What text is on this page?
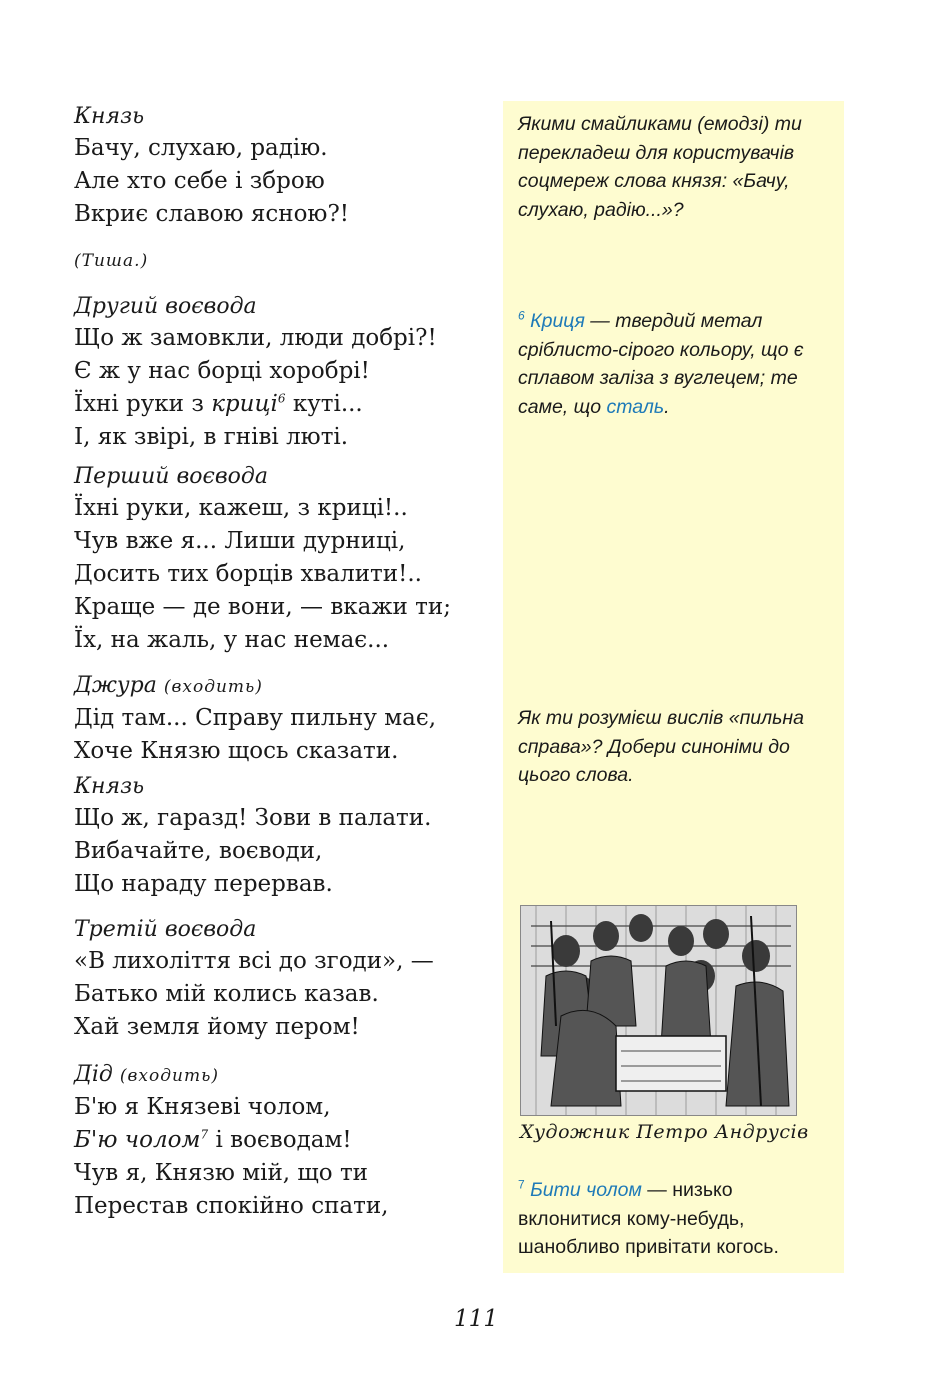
Князь
Бачу, слухаю, радію.
Але хто себе і зброю
Вкриє славою ясною?!
(Тиша.)
Другий воєвода
Що ж замовкли, люди добрі?!
Є ж у нас борці хоробрі!
Їхні руки з криці$^6$ куті...
І, як звірі, в гніві люті.
Перший воєвода
Їхні руки, кажеш, з криці!..
Чув вже я... Лиши дурниці,
Досить тих борців хвалити!..
Краще — де вони, — вкажи ти;
Їх, на жаль, у нас немає...
Джура (входить)
Дід там... Справу пильну має,
Хоче Князю щось сказати.
Князь
Що ж, гаразд! Зови в палати.
Вибачайте, воєводи,
Що нараду перервав.
Третій воєвода
«В лихоліття всі до згоди», —
Батько мій колись казав.
Хай земля йому пером!
Дід (входить)
Б'ю я Князеві чолом,
Б'ю чолом$^7$ і воєводам!
Чув я, Князю мій, що ти
Перестав спокійно спати,
Якими смайликами (емодзі) ти перекладеш для користувачів соцмереж слова князя: «Бачу, слухаю, радію...»?
$^6$ Криця — твердий метал сріблисто-сірого кольору, що є сплавом заліза з вуглецем; те саме, що сталь.
Як ти розумієш вислів «пильна справа»? Добери синоніми до цього слова.
Художник Петро Андрусів
$^7$ Бити чолом — низько вклонитися кому-небудь, шанобливо привітати когось.
111
